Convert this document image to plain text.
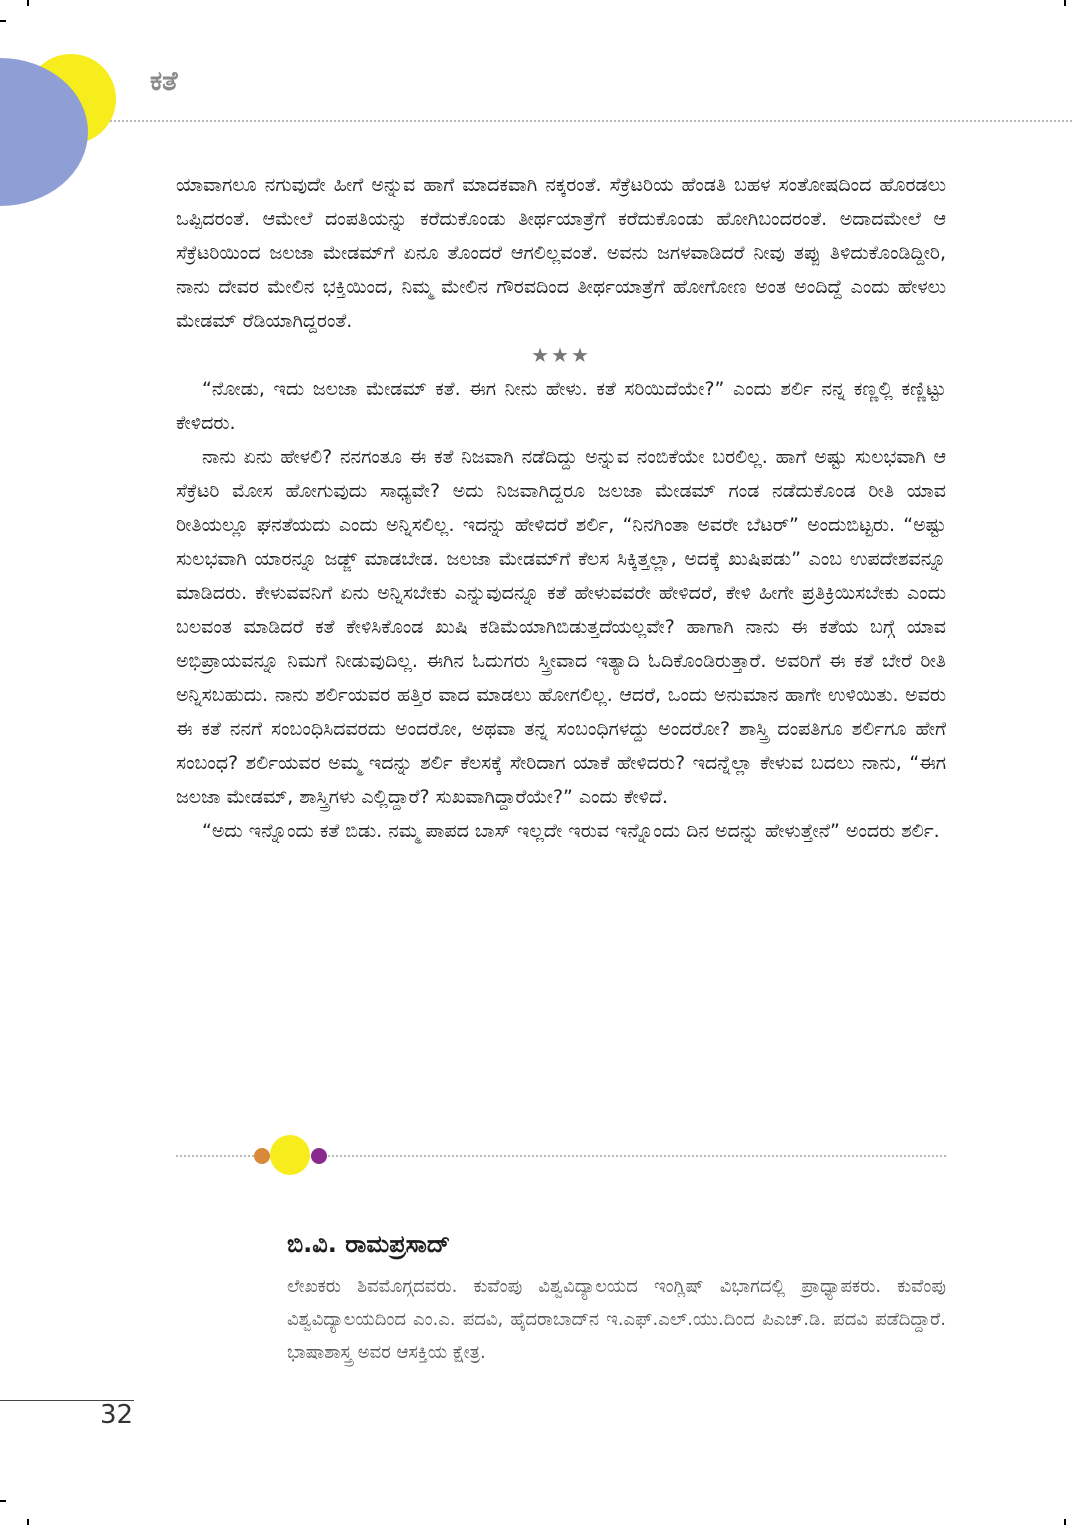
ಕತೆ

ಯಾವಾಗಲೂ ನಗುವುದೇ ಹೀಗೆ ಅನ್ನುವ ಹಾಗೆ ಮಾದಕವಾಗಿ ನಕ್ಕರಂತೆ. ಸೆಕ್ರೆಟರಿಯ ಹೆಂಡತಿ ಬಹಳ ಸಂತೋಷದಿಂದ ಹೊರಡಲು ಒಪ್ಪಿದರಂತೆ. ಆಮೇಲೆ ದಂಪತಿಯನ್ನು ಕರೆದುಕೊಂಡು ತೀರ್ಥಯಾತ್ರೆಗೆ ಕರೆದುಕೊಂಡು ಹೋಗಿಬಂದರಂತೆ. ಅದಾದಮೇಲೆ ಆ ಸೆಕ್ರೆಟರಿಯಿಂದ ಜಲಜಾ ಮೇಡಮ್‌ಗೆ ಏನೂ ತೊಂದರೆ ಆಗಲಿಲ್ಲವಂತೆ. ಅವನು ಜಗಳವಾಡಿದರೆ ನೀವು ತಪ್ಪು ತಿಳಿದುಕೊಂಡಿದ್ದೀರಿ, ನಾನು ದೇವರ ಮೇಲಿನ ಭಕ್ತಿಯಿಂದ, ನಿಮ್ಮ ಮೇಲಿನ ಗೌರವದಿಂದ ತೀರ್ಥಯಾತ್ರೆಗೆ ಹೋಗೋಣ ಅಂತ ಅಂದಿದ್ದೆ ಎಂದು ಹೇಳಲು ಮೇಡಮ್ ರೆಡಿಯಾಗಿದ್ದರಂತೆ.

★★★

“ನೋಡು, ಇದು ಜಲಜಾ ಮೇಡಮ್ ಕತೆ. ಈಗ ನೀನು ಹೇಳು. ಕತೆ ಸರಿಯಿದೆಯೇ?” ಎಂದು ಶರ್ಲಿ ನನ್ನ ಕಣ್ಣಲ್ಲಿ ಕಣ್ಣಿಟ್ಟು ಕೇಳಿದರು.

ನಾನು ಏನು ಹೇಳಲಿ? ನನಗಂತೂ ಈ ಕತೆ ನಿಜವಾಗಿ ನಡೆದಿದ್ದು ಅನ್ನುವ ನಂಬಿಕೆಯೇ ಬರಲಿಲ್ಲ. ಹಾಗೆ ಅಷ್ಟು ಸುಲಭವಾಗಿ ಆ ಸೆಕ್ರೆಟರಿ ಮೋಸ ಹೋಗುವುದು ಸಾಧ್ಯವೇ? ಅದು ನಿಜವಾಗಿದ್ದರೂ ಜಲಜಾ ಮೇಡಮ್ ಗಂಡ ನಡೆದುಕೊಂಡ ರೀತಿ ಯಾವ ರೀತಿಯಲ್ಲೂ ಘನತೆಯದು ಎಂದು ಅನ್ನಿಸಲಿಲ್ಲ. ಇದನ್ನು ಹೇಳಿದರೆ ಶರ್ಲಿ, “ನಿನಗಿಂತಾ ಅವರೇ ಬೆಟರ್” ಅಂದುಬಿಟ್ಟರು. “ಅಷ್ಟು ಸುಲಭವಾಗಿ ಯಾರನ್ನೂ ಜಡ್ಜ್ ಮಾಡಬೇಡ. ಜಲಜಾ ಮೇಡಮ್‌ಗೆ ಕೆಲಸ ಸಿಕ್ಕಿತ್ತಲ್ಲಾ, ಅದಕ್ಕೆ ಖುಷಿಪಡು” ಎಂಬ ಉಪದೇಶವನ್ನೂ ಮಾಡಿದರು. ಕೇಳುವವನಿಗೆ ಏನು ಅನ್ನಿಸಬೇಕು ಎನ್ನುವುದನ್ನೂ ಕತೆ ಹೇಳುವವರೇ ಹೇಳಿದರೆ, ಕೇಳಿ ಹೀಗೇ ಪ್ರತಿಕ್ರಿಯಿಸಬೇಕು ಎಂದು ಬಲವಂತ ಮಾಡಿದರೆ ಕತೆ ಕೇಳಿಸಿಕೊಂಡ ಖುಷಿ ಕಡಿಮೆಯಾಗಿಬಿಡುತ್ತದೆಯಲ್ಲವೇ? ಹಾಗಾಗಿ ನಾನು ಈ ಕತೆಯ ಬಗ್ಗೆ ಯಾವ ಅಭಿಪ್ರಾಯವನ್ನೂ ನಿಮಗೆ ನೀಡುವುದಿಲ್ಲ. ಈಗಿನ ಓದುಗರು ಸ್ತ್ರೀವಾದ ಇತ್ಯಾದಿ ಓದಿಕೊಂಡಿರುತ್ತಾರೆ. ಅವರಿಗೆ ಈ ಕತೆ ಬೇರೆ ರೀತಿ ಅನ್ನಿಸಬಹುದು. ನಾನು ಶರ್ಲಿಯವರ ಹತ್ತಿರ ವಾದ ಮಾಡಲು ಹೋಗಲಿಲ್ಲ. ಆದರೆ, ಒಂದು ಅನುಮಾನ ಹಾಗೇ ಉಳಿಯಿತು. ಅವರು ಈ ಕತೆ ನನಗೆ ಸಂಬಂಧಿಸಿದವರದು ಅಂದರೋ, ಅಥವಾ ತನ್ನ ಸಂಬಂಧಿಗಳದ್ದು ಅಂದರೋ? ಶಾಸ್ತ್ರಿ ದಂಪತಿಗೂ ಶರ್ಲಿಗೂ ಹೇಗೆ ಸಂಬಂಧ? ಶರ್ಲಿಯವರ ಅಮ್ಮ ಇದನ್ನು ಶರ್ಲಿ ಕೆಲಸಕ್ಕೆ ಸೇರಿದಾಗ ಯಾಕೆ ಹೇಳಿದರು? ಇದನ್ನೆಲ್ಲಾ ಕೇಳುವ ಬದಲು ನಾನು, “ಈಗ ಜಲಜಾ ಮೇಡಮ್, ಶಾಸ್ತ್ರಿಗಳು ಎಲ್ಲಿದ್ದಾರೆ? ಸುಖವಾಗಿದ್ದಾರೆಯೇ?” ಎಂದು ಕೇಳಿದೆ.

“ಅದು ಇನ್ನೊಂದು ಕತೆ ಬಿಡು. ನಮ್ಮ ಪಾಪದ ಬಾಸ್ ಇಲ್ಲದೇ ಇರುವ ಇನ್ನೊಂದು ದಿನ ಅದನ್ನು ಹೇಳುತ್ತೇನೆ” ಅಂದರು ಶರ್ಲಿ.

ಬಿ.ವಿ. ರಾಮಪ್ರಸಾದ್

ಲೇಖಕರು ಶಿವಮೊಗ್ಗದವರು. ಕುವೆಂಪು ವಿಶ್ವವಿದ್ಯಾಲಯದ ಇಂಗ್ಲಿಷ್ ವಿಭಾಗದಲ್ಲಿ ಪ್ರಾಧ್ಯಾಪಕರು. ಕುವೆಂಪು ವಿಶ್ವವಿದ್ಯಾಲಯದಿಂದ ಎಂ.ಎ. ಪದವಿ, ಹೈದರಾಬಾದ್‌ನ ಇ.ಎಫ್.ಎಲ್.ಯು.ದಿಂದ ಪಿಎಚ್.ಡಿ. ಪದವಿ ಪಡೆದಿದ್ದಾರೆ. ಭಾಷಾಶಾಸ್ತ್ರ ಅವರ ಆಸಕ್ತಿಯ ಕ್ಷೇತ್ರ.

32
